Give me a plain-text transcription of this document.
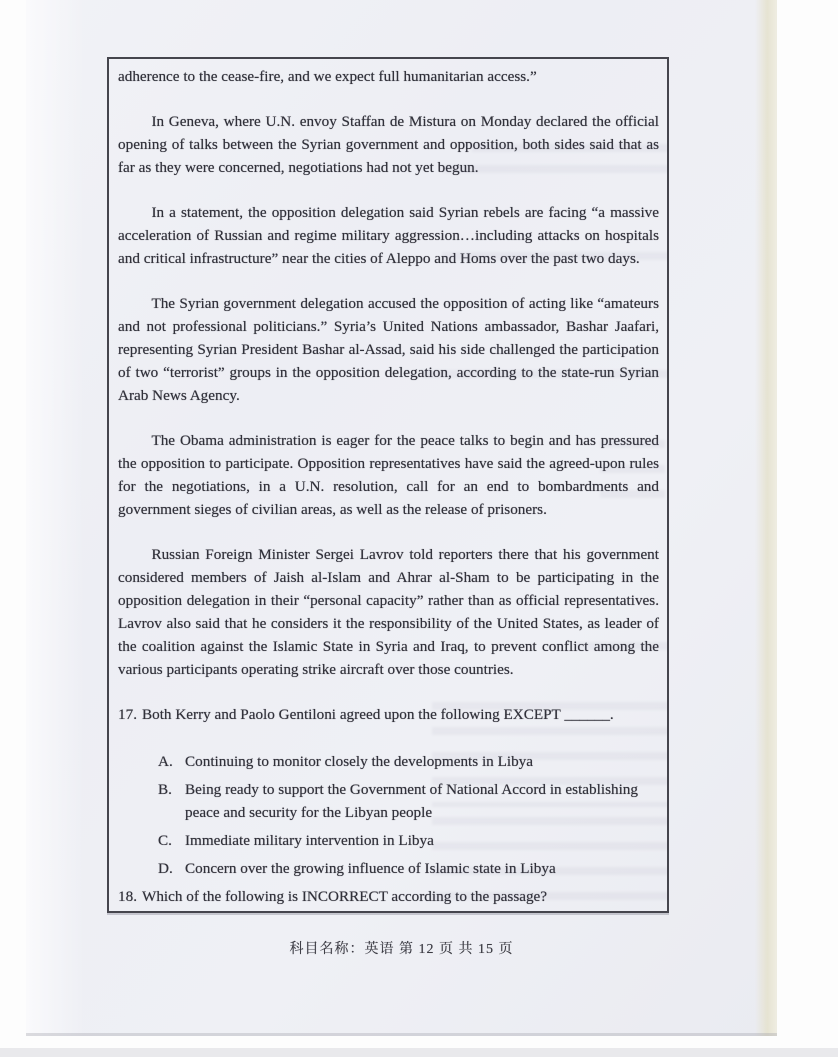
adherence to the cease-fire, and we expect full humanitarian access.”

In Geneva, where U.N. envoy Staffan de Mistura on Monday declared the official opening of talks between the Syrian government and opposition, both sides said that as far as they were concerned, negotiations had not yet begun.

In a statement, the opposition delegation said Syrian rebels are facing “a massive acceleration of Russian and regime military aggression…including attacks on hospitals and critical infrastructure” near the cities of Aleppo and Homs over the past two days.

The Syrian government delegation accused the opposition of acting like “amateurs and not professional politicians.” Syria’s United Nations ambassador, Bashar Jaafari, representing Syrian President Bashar al-Assad, said his side challenged the participation of two “terrorist” groups in the opposition delegation, according to the state-run Syrian Arab News Agency.

The Obama administration is eager for the peace talks to begin and has pressured the opposition to participate. Opposition representatives have said the agreed-upon rules for the negotiations, in a U.N. resolution, call for an end to bombardments and government sieges of civilian areas, as well as the release of prisoners.

Russian Foreign Minister Sergei Lavrov told reporters there that his government considered members of Jaish al-Islam and Ahrar al-Sham to be participating in the opposition delegation in their “personal capacity” rather than as official representatives. Lavrov also said that he considers it the responsibility of the United States, as leader of the coalition against the Islamic State in Syria and Iraq, to prevent conflict among the various participants operating strike aircraft over those countries.

17. Both Kerry and Paolo Gentiloni agreed upon the following EXCEPT ______.

A. Continuing to monitor closely the developments in Libya
B. Being ready to support the Government of National Accord in establishing
peace and security for the Libyan people
C. Immediate military intervention in Libya
D. Concern over the growing influence of Islamic state in Libya

18. Which of the following is INCORRECT according to the passage?

科目名称：英语 第 12 页 共 15 页
